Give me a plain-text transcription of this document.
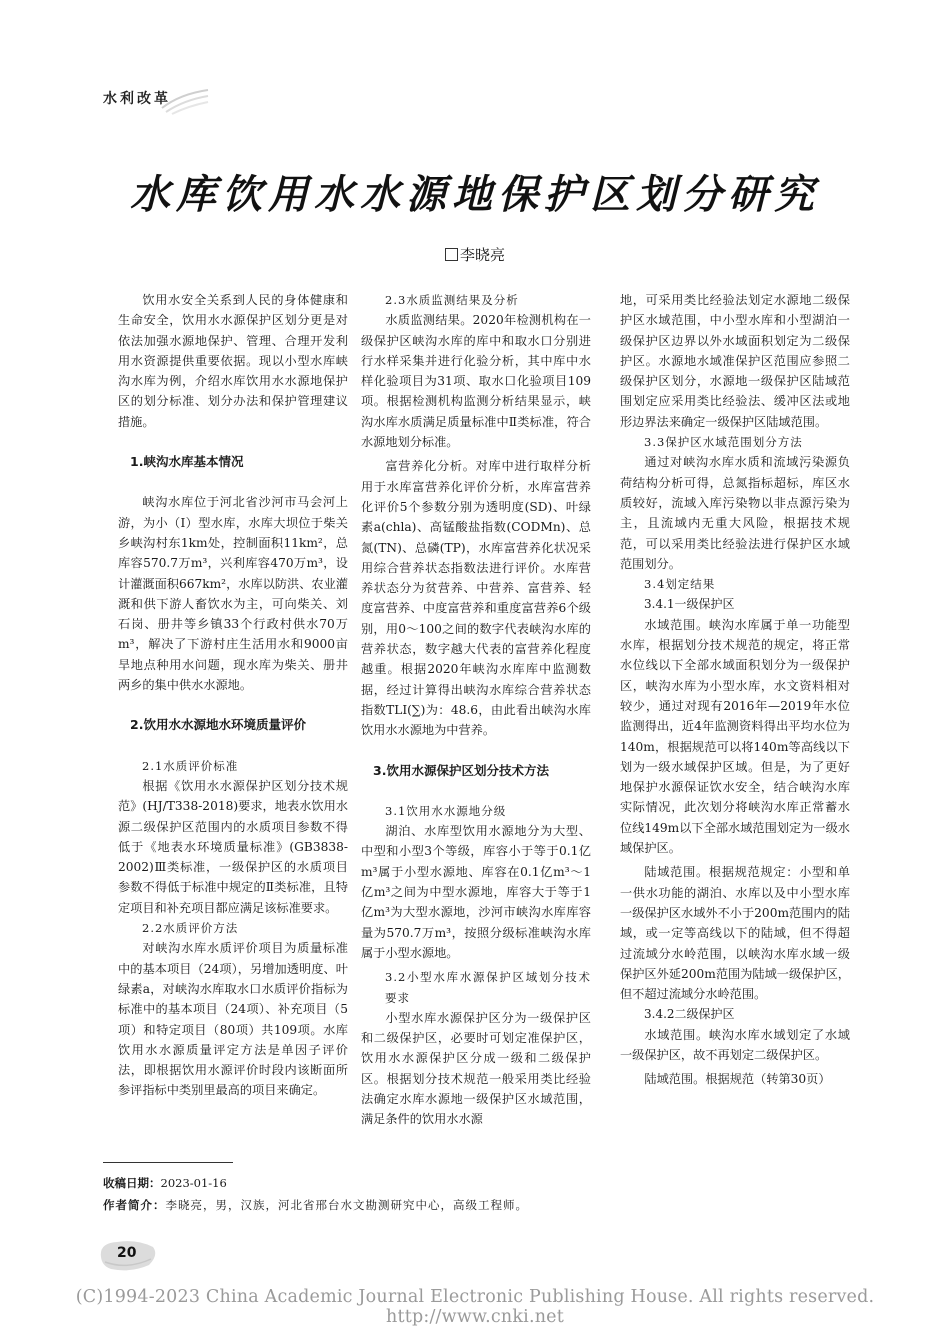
水利改革
水库饮用水水源地保护区划分研究
李晓亮

饮用水安全关系到人民的身体健康和生命安全，饮用水水源保护区划分更是对依法加强水源地保护、管理、合理开发利用水资源提供重要依据。现以小型水库峡沟水库为例，介绍水库饮用水水源地保护区的划分标准、划分办法和保护管理建议措施。

1.峡沟水库基本情况

峡沟水库位于河北省沙河市马会河上游，为小（Ⅰ）型水库，水库大坝位于柴关乡峡沟村东1km处，控制面积11km²，总库容570.7万m³，兴利库容470万m³，设计灌溉面积667km²，水库以防洪、农业灌溉和供下游人畜饮水为主，可向柴关、刘石岗、册井等乡镇33个行政村供水70万m³，解决了下游村庄生活用水和9000亩旱地点种用水问题，现水库为柴关、册井两乡的集中供水水源地。

2.饮用水水源地水环境质量评价
2.1水质评价标准

根据《饮用水水源保护区划分技术规范》(HJ/T338-2018)要求，地表水饮用水源二级保护区范围内的水质项目参数不得低于《地表水环境质量标准》(GB3838-2002)Ⅲ类标准，一级保护区的水质项目参数不得低于标准中规定的Ⅱ类标准，且特定项目和补充项目都应满足该标准要求。

2.2水质评价方法

对峡沟水库水质评价项目为质量标准中的基本项目（24项），另增加透明度、叶绿素a，对峡沟水库取水口水质评价指标为标准中的基本项目（24项）、补充项目（5项）和特定项目（80项）共109项。水库饮用水水源质量评定方法是单因子评价法，即根据饮用水源评价时段内该断面所参评指标中类别里最高的项目来确定。

2.3水质监测结果及分析

水质监测结果。2020年检测机构在一级保护区峡沟水库的库中和取水口分别进行水样采集并进行化验分析，其中库中水样化验项目为31项、取水口化验项目109项。根据检测机构监测分析结果显示，峡沟水库水质满足质量标准中Ⅱ类标准，符合水源地划分标准。

富营养化分析。对库中进行取样分析用于水库富营养化评价分析，水库富营养化评价5个参数分别为透明度(SD)、叶绿素a(chla)、高锰酸盐指数(CODMn)、总氮(TN)、总磷(TP)，水库富营养化状况采用综合营养状态指数法进行评价。水库营养状态分为贫营养、中营养、富营养、轻度富营养、中度富营养和重度富营养6个级别，用0～100之间的数字代表峡沟水库的营养状态，数字越大代表的富营养化程度越重。根据2020年峡沟水库库中监测数据，经过计算得出峡沟水库综合营养状态指数TLI(∑)为：48.6，由此看出峡沟水库饮用水水源地为中营养。

3.饮用水源保护区划分技术方法
3.1饮用水水源地分级

湖泊、水库型饮用水源地分为大型、中型和小型3个等级，库容小于等于0.1亿m³属于小型水源地、库容在0.1亿m³～1亿m³之间为中型水源地，库容大于等于1亿m³为大型水源地，沙河市峡沟水库库容量为570.7万m³，按照分级标准峡沟水库属于小型水源地。

3.2小型水库水源保护区域划分技术要求

小型水库水源保护区分为一级保护区和二级保护区，必要时可划定准保护区，饮用水水源保护区分成一级和二级保护区。根据划分技术规范一般采用类比经验法确定水库水源地一级保护区水域范围，满足条件的饮用水水源

地，可采用类比经验法划定水源地二级保护区水域范围，中小型水库和小型湖泊一级保护区边界以外水域面积划定为二级保护区。水源地水域准保护区范围应参照二级保护区划分，水源地一级保护区陆域范围划定应采用类比经验法、缓冲区法或地形边界法来确定一级保护区陆域范围。

3.3保护区水域范围划分方法

通过对峡沟水库水质和流域污染源负荷结构分析可得，总氮指标超标，库区水质较好，流域入库污染物以非点源污染为主，且流域内无重大风险，根据技术规范，可以采用类比经验法进行保护区水域范围划分。

3.4划定结果
3.4.1一级保护区

水域范围。峡沟水库属于单一功能型水库，根据划分技术规范的规定，将正常水位线以下全部水域面积划分为一级保护区，峡沟水库为小型水库，水文资料相对较少，通过对现有2016年—2019年水位监测得出，近4年监测资料得出平均水位为140m，根据规范可以将140m等高线以下划为一级水域保护区域。但是，为了更好地保护水源保证饮水安全，结合峡沟水库实际情况，此次划分将峡沟水库正常蓄水位线149m以下全部水域范围划定为一级水域保护区。

陆域范围。根据规范规定：小型和单一供水功能的湖泊、水库以及中小型水库一级保护区水域外不小于200m范围内的陆域，或一定等高线以下的陆域，但不得超过流域分水岭范围，以峡沟水库水域一级保护区外延200m范围为陆域一级保护区，但不超过流域分水岭范围。

3.4.2二级保护区

水域范围。峡沟水库水域划定了水域一级保护区，故不再划定二级保护区。

陆域范围。根据规范（转第30页）

收稿日期：2023-01-16
作者简介：李晓亮，男，汉族，河北省邢台水文勘测研究中心，高级工程师。
20
(C)1994-2023 China Academic Journal Electronic Publishing House. All rights reserved. http://www.cnki.net
